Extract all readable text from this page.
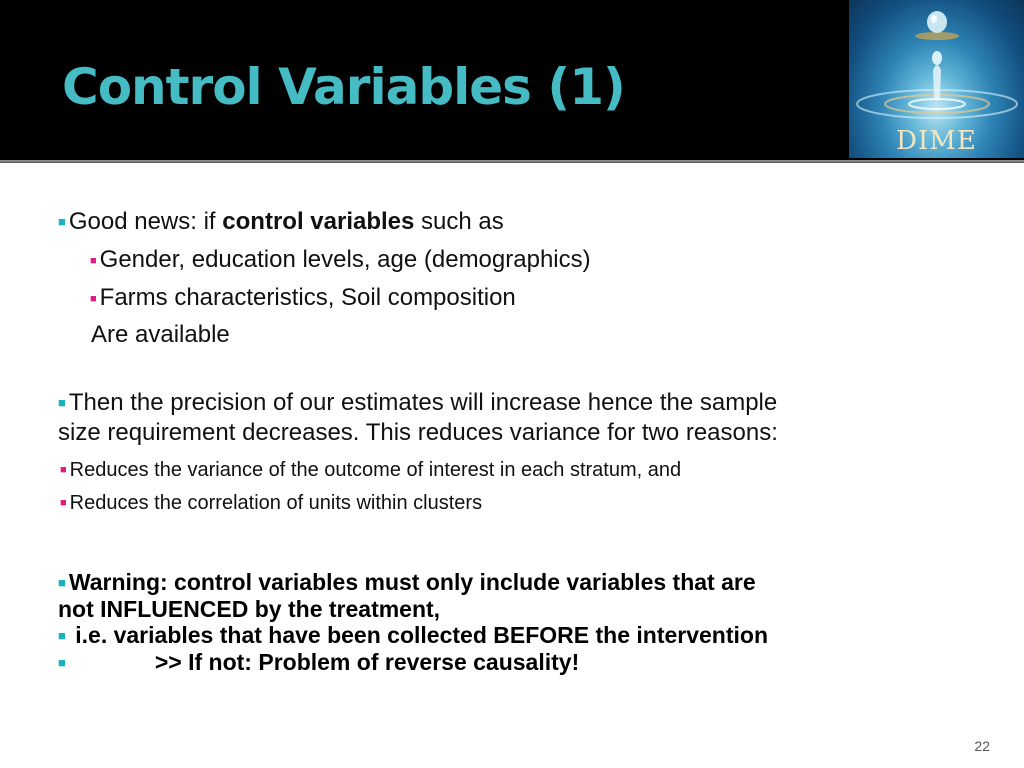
Control Variables (1)
DIME
■ Good news: if control variables such as
■ Gender, education levels, age (demographics)
■ Farms characteristics, Soil composition
Are available
■ Then the precision of our estimates will increase hence the sample
size requirement decreases. This reduces variance for two reasons:
■ Reduces the variance of the outcome of interest in each stratum, and
■ Reduces the correlation of units within clusters
■ Warning: control variables must only include variables that are
not INFLUENCED by the treatment,
■ i.e. variables that have been collected BEFORE the intervention
■	>> If not: Problem of reverse causality!
22
